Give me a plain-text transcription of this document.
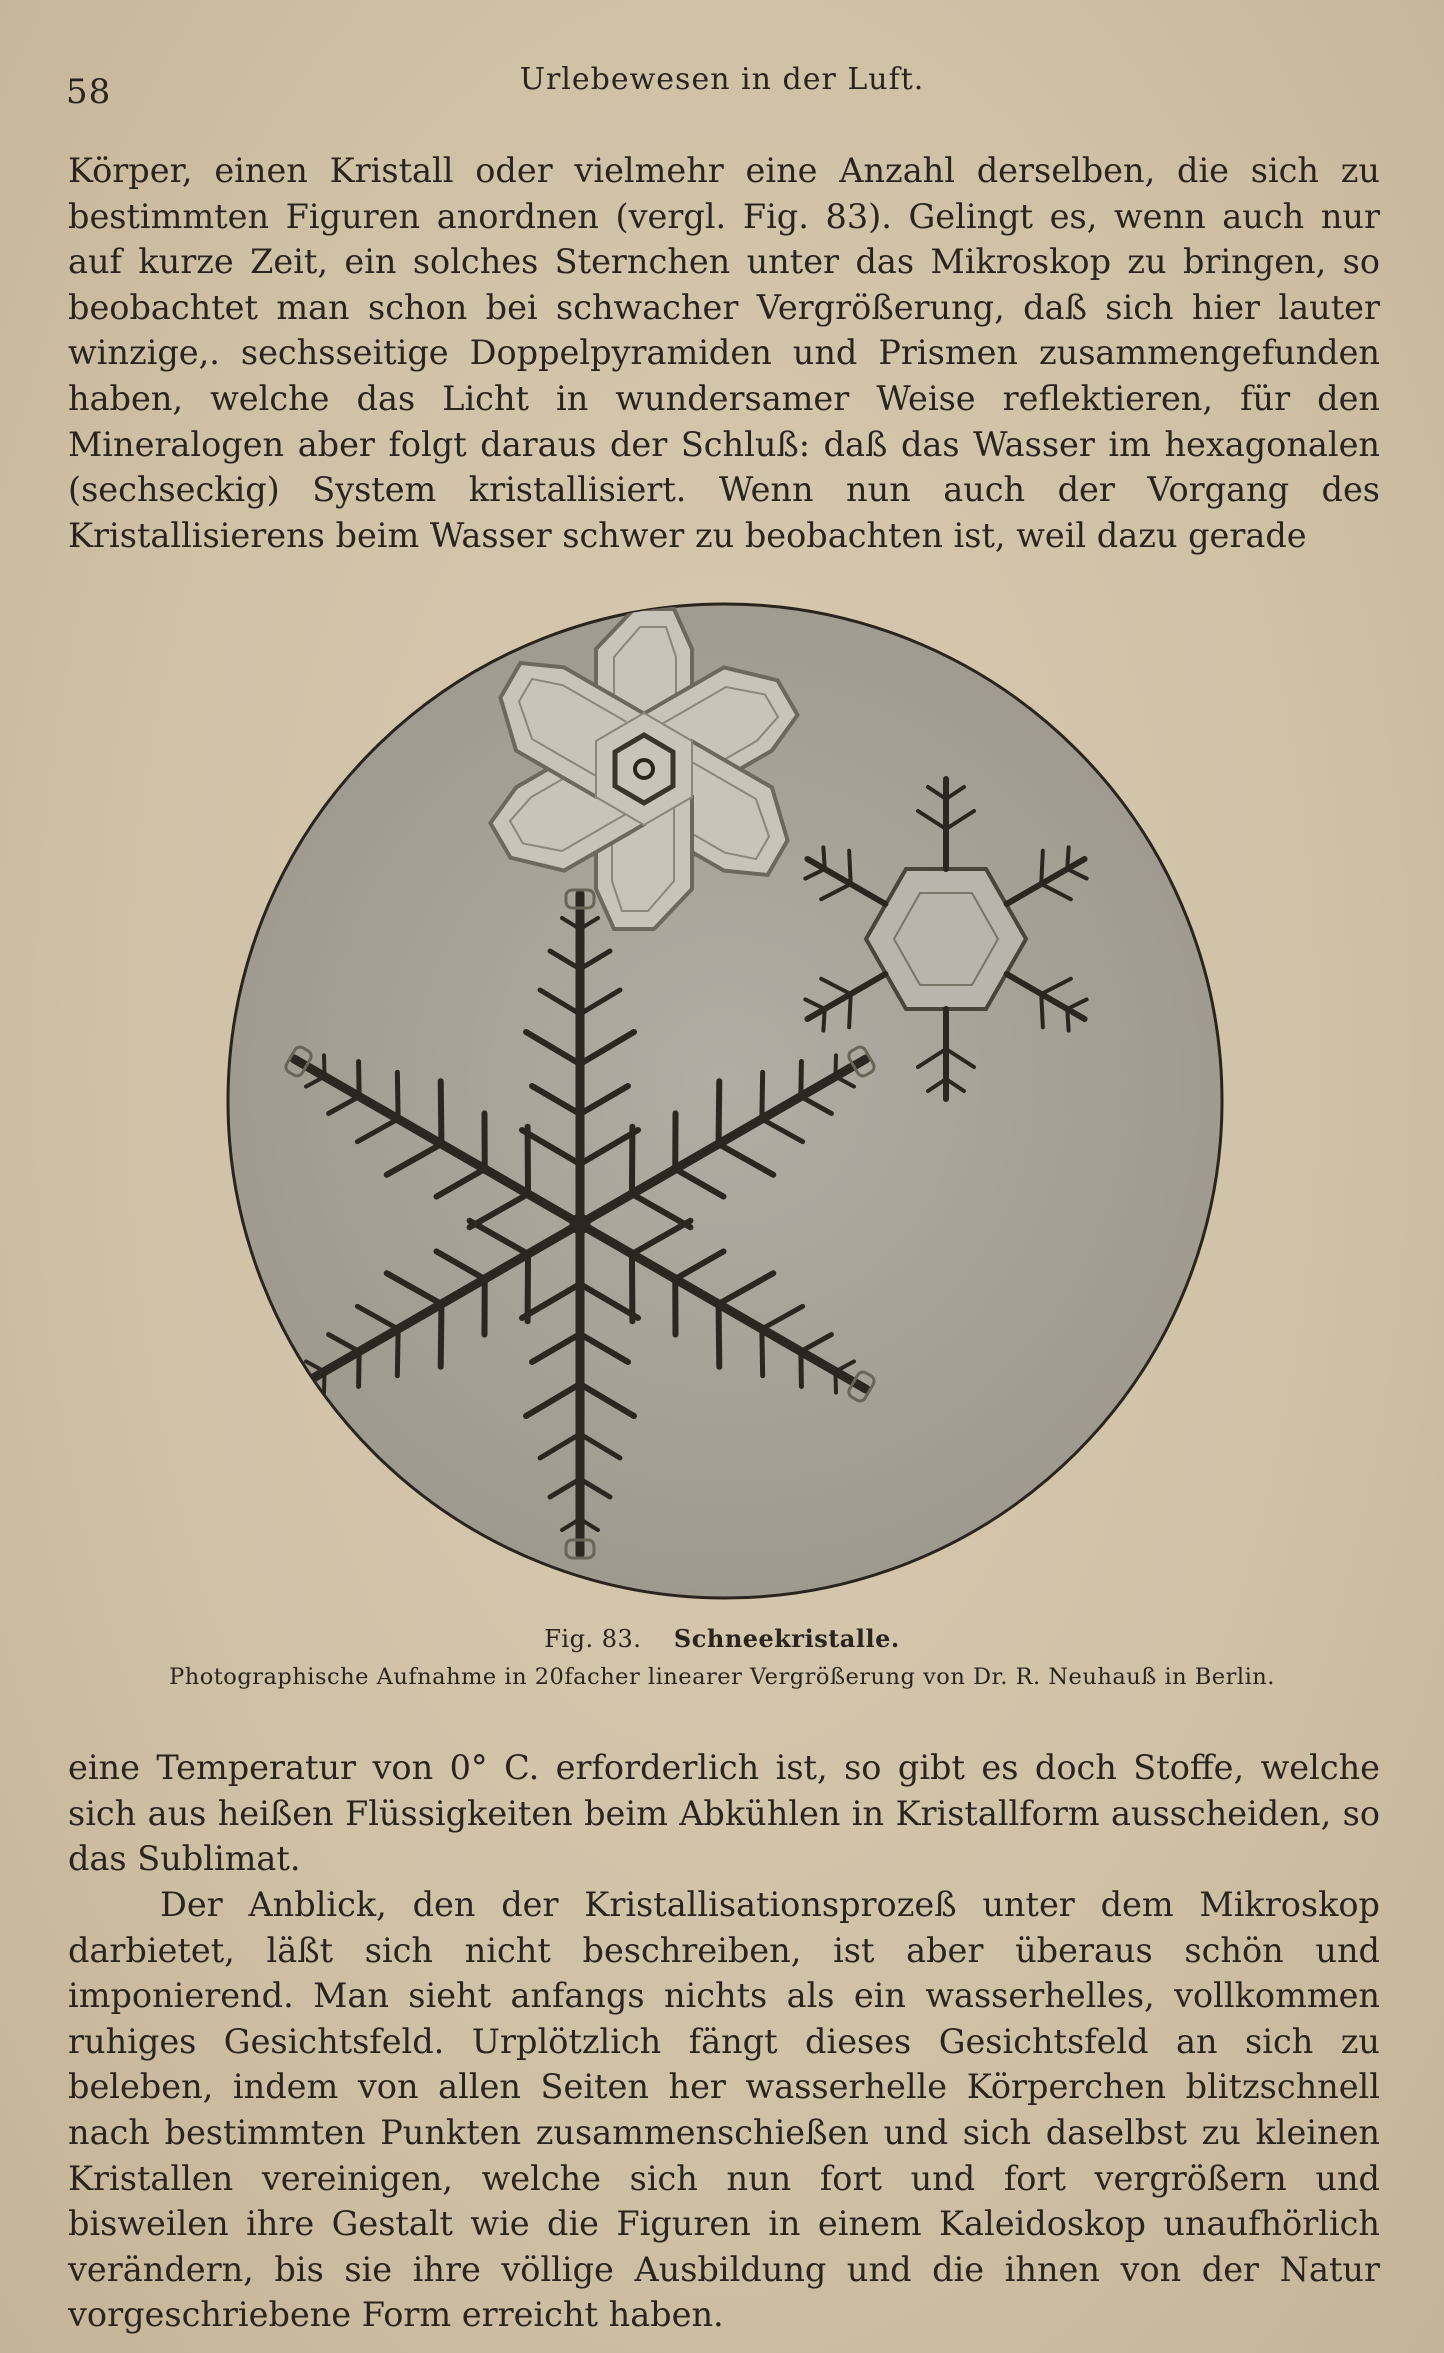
58	Urlebewesen in der Luft.
Körper, einen Kristall oder vielmehr eine Anzahl derselben, die sich zu bestimmten Figuren anordnen (vergl. Fig. 83). Gelingt es, wenn auch nur auf kurze Zeit, ein solches Sternchen unter das Mikroskop zu bringen, so beobachtet man schon bei schwacher Vergrößerung, daß sich hier lauter winzige,. sechsseitige Doppelpyramiden und Prismen zusammengefunden haben, welche das Licht in wundersamer Weise reflektieren, für den Mineralogen aber folgt daraus der Schluß: daß das Wasser im hexagonalen (sechseckig) System kristallisiert. Wenn nun auch der Vorgang des Kristallisierens beim Wasser schwer zu beobachten ist, weil dazu gerade
Fig. 83. Schneekristalle.
Photographische Aufnahme in 20facher linearer Vergrößerung von Dr. R. Neuhauß in Berlin.
eine Temperatur von 0° C. erforderlich ist, so gibt es doch Stoffe, welche sich aus heißen Flüssigkeiten beim Abkühlen in Kristallform ausscheiden, so das Sublimat.
Der Anblick, den der Kristallisationsprozeß unter dem Mikroskop darbietet, läßt sich nicht beschreiben, ist aber überaus schön und imponierend. Man sieht anfangs nichts als ein wasserhelles, vollkommen ruhiges Gesichtsfeld. Urplötzlich fängt dieses Gesichtsfeld an sich zu beleben, indem von allen Seiten her wasserhelle Körperchen blitzschnell nach bestimmten Punkten zusammenschießen und sich daselbst zu kleinen Kristallen vereinigen, welche sich nun fort und fort vergrößern und bisweilen ihre Gestalt wie die Figuren in einem Kaleidoskop unaufhörlich verändern, bis sie ihre völlige Ausbildung und die ihnen von der Natur vorgeschriebene Form erreicht haben.
